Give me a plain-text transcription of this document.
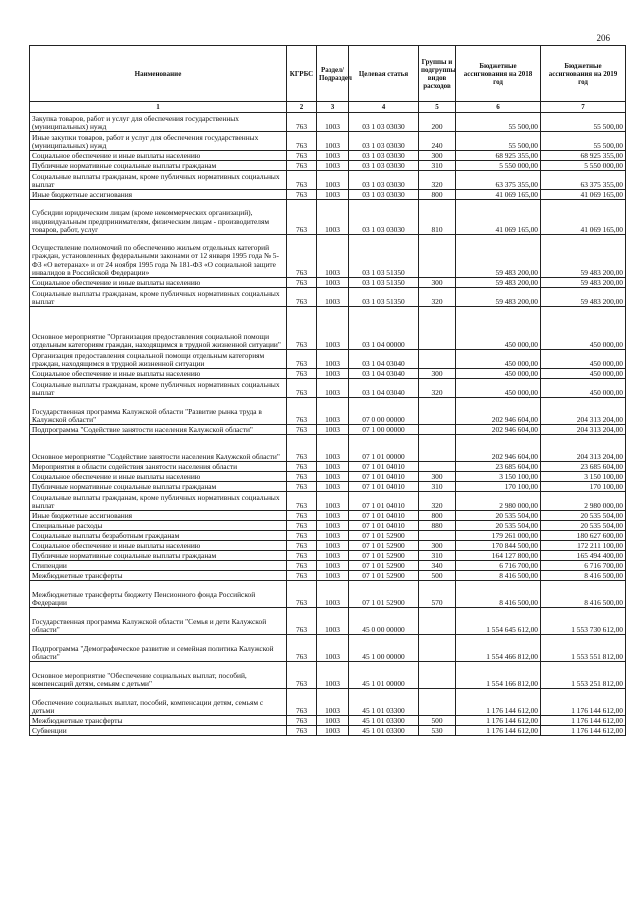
206
Наименование	КГРБС	Раздел/ Подраздел	Целевая статья	Группы и подгруппы видов расходов	Бюджетные ассигнования на 2018 год	Бюджетные ассигнования на 2019 год
1	2	3	4	5	6	7
Закупка товаров, работ и услуг для обеспечения государственных (муниципальных) нужд	763	1003	03 1 03 03030	200	55 500,00	55 500,00
Иные закупки товаров, работ и услуг для обеспечения государственных (муниципальных) нужд	763	1003	03 1 03 03030	240	55 500,00	55 500,00
Социальное обеспечение и иные выплаты населению	763	1003	03 1 03 03030	300	68 925 355,00	68 925 355,00
Публичные нормативные социальные выплаты гражданам	763	1003	03 1 03 03030	310	5 550 000,00	5 550 000,00
Социальные выплаты гражданам, кроме публичных нормативных социальных выплат	763	1003	03 1 03 03030	320	63 375 355,00	63 375 355,00
Иные бюджетные ассигнования	763	1003	03 1 03 03030	800	41 069 165,00	41 069 165,00
Субсидии юридическим лицам (кроме некоммерческих организаций), индивидуальным предпринимателям, физическим лицам - производителям товаров, работ, услуг	763	1003	03 1 03 03030	810	41 069 165,00	41 069 165,00
Осуществление полномочий по обеспечению жильем отдельных категорий граждан, установленных федеральными законами от 12 января 1995 года № 5-ФЗ «О ветеранах» и от 24 ноября 1995 года № 181-ФЗ «О социальной защите инвалидов в Российской Федерации»	763	1003	03 1 03 51350		59 483 200,00	59 483 200,00
Социальное обеспечение и иные выплаты населению	763	1003	03 1 03 51350	300	59 483 200,00	59 483 200,00
Социальные выплаты гражданам, кроме публичных нормативных социальных выплат	763	1003	03 1 03 51350	320	59 483 200,00	59 483 200,00
Основное мероприятие "Организация предоставления социальной помощи отдельным категориям граждан, находящимся в трудной жизненной ситуации"	763	1003	03 1 04 00000		450 000,00	450 000,00
Организация предоставления социальной помощи отдельным категориям граждан, находящимся в трудной жизненной ситуации	763	1003	03 1 04 03040		450 000,00	450 000,00
Социальное обеспечение и иные выплаты населению	763	1003	03 1 04 03040	300	450 000,00	450 000,00
Социальные выплаты гражданам, кроме публичных нормативных социальных выплат	763	1003	03 1 04 03040	320	450 000,00	450 000,00
Государственная программа Калужской области "Развитие рынка труда в Калужской области"	763	1003	07 0 00 00000		202 946 604,00	204 313 204,00
Подпрограмма "Содействие занятости населения Калужской области"	763	1003	07 1 00 00000		202 946 604,00	204 313 204,00
Основное мероприятие "Содействие занятости населения Калужской области"	763	1003	07 1 01 00000		202 946 604,00	204 313 204,00
Мероприятия в области содействия занятости населения области	763	1003	07 1 01 04010		23 685 604,00	23 685 604,00
Социальное обеспечение и иные выплаты населению	763	1003	07 1 01 04010	300	3 150 100,00	3 150 100,00
Публичные нормативные социальные выплаты гражданам	763	1003	07 1 01 04010	310	170 100,00	170 100,00
Социальные выплаты гражданам, кроме публичных нормативных социальных выплат	763	1003	07 1 01 04010	320	2 980 000,00	2 980 000,00
Иные бюджетные ассигнования	763	1003	07 1 01 04010	800	20 535 504,00	20 535 504,00
Специальные расходы	763	1003	07 1 01 04010	880	20 535 504,00	20 535 504,00
Социальные выплаты безработным гражданам	763	1003	07 1 01 52900		179 261 000,00	180 627 600,00
Социальное обеспечение и иные выплаты населению	763	1003	07 1 01 52900	300	170 844 500,00	172 211 100,00
Публичные нормативные социальные выплаты гражданам	763	1003	07 1 01 52900	310	164 127 800,00	165 494 400,00
Стипендии	763	1003	07 1 01 52900	340	6 716 700,00	6 716 700,00
Межбюджетные трансферты	763	1003	07 1 01 52900	500	8 416 500,00	8 416 500,00
Межбюджетные трансферты бюджету Пенсионного фонда Российской Федерации	763	1003	07 1 01 52900	570	8 416 500,00	8 416 500,00
Государственная программа Калужской области "Семья и дети Калужской области"	763	1003	45 0 00 00000		1 554 645 612,00	1 553 730 612,00
Подпрограмма "Демографическое развитие и семейная политика Калужской области"	763	1003	45 1 00 00000		1 554 466 812,00	1 553 551 812,00
Основное мероприятие "Обеспечение социальных выплат, пособий, компенсаций детям, семьям с детьми"	763	1003	45 1 01 00000		1 554 166 812,00	1 553 251 812,00
Обеспечение социальных выплат, пособий, компенсации детям, семьям с детьми	763	1003	45 1 01 03300		1 176 144 612,00	1 176 144 612,00
Межбюджетные трансферты	763	1003	45 1 01 03300	500	1 176 144 612,00	1 176 144 612,00
Субвенции	763	1003	45 1 01 03300	530	1 176 144 612,00	1 176 144 612,00
